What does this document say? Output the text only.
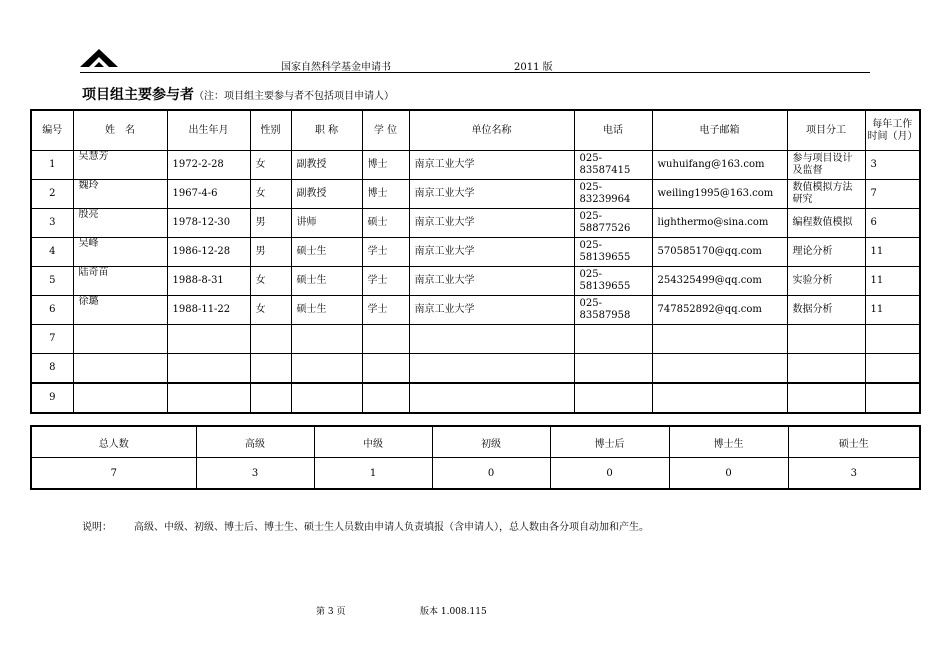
国家自然科学基金申请书	2011 版
项目组主要参与者（注：项目组主要参与者不包括项目申请人）
编号	姓　名	出生年月	性别	职 称	学 位	单位名称	电话	电子邮箱	项目分工	每年工作时间（月）
1	吴慧芳	1972-2-28	女	副教授	博士	南京工业大学	025-83587415	wuhuifang@163.com	参与项目设计及监督	3
2	魏玲	1967-4-6	女	副教授	博士	南京工业大学	025-83239964	weiling1995@163.com	数值模拟方法研究	7
3	殷亮	1978-12-30	男	讲师	硕士	南京工业大学	025-58877526	lighthermo@sina.com	编程数值模拟	6
4	吴峰	1986-12-28	男	硕士生	学士	南京工业大学	025-58139655	570585170@qq.com	理论分析	11
5	陆奇苗	1988-8-31	女	硕士生	学士	南京工业大学	025-58139655	254325499@qq.com	实验分析	11
6	徐璐	1988-11-22	女	硕士生	学士	南京工业大学	025-83587958	747852892@qq.com	数据分析	11
7										
8										
9										
总人数	高级	中级	初级	博士后	博士生	硕士生
7	3	1	0	0	0	3
说明： 高级、中级、初级、博士后、博士生、硕士生人员数由申请人负责填报（含申请人），总人数由各分项自动加和产生。
第 3 页	版本 1.008.115
